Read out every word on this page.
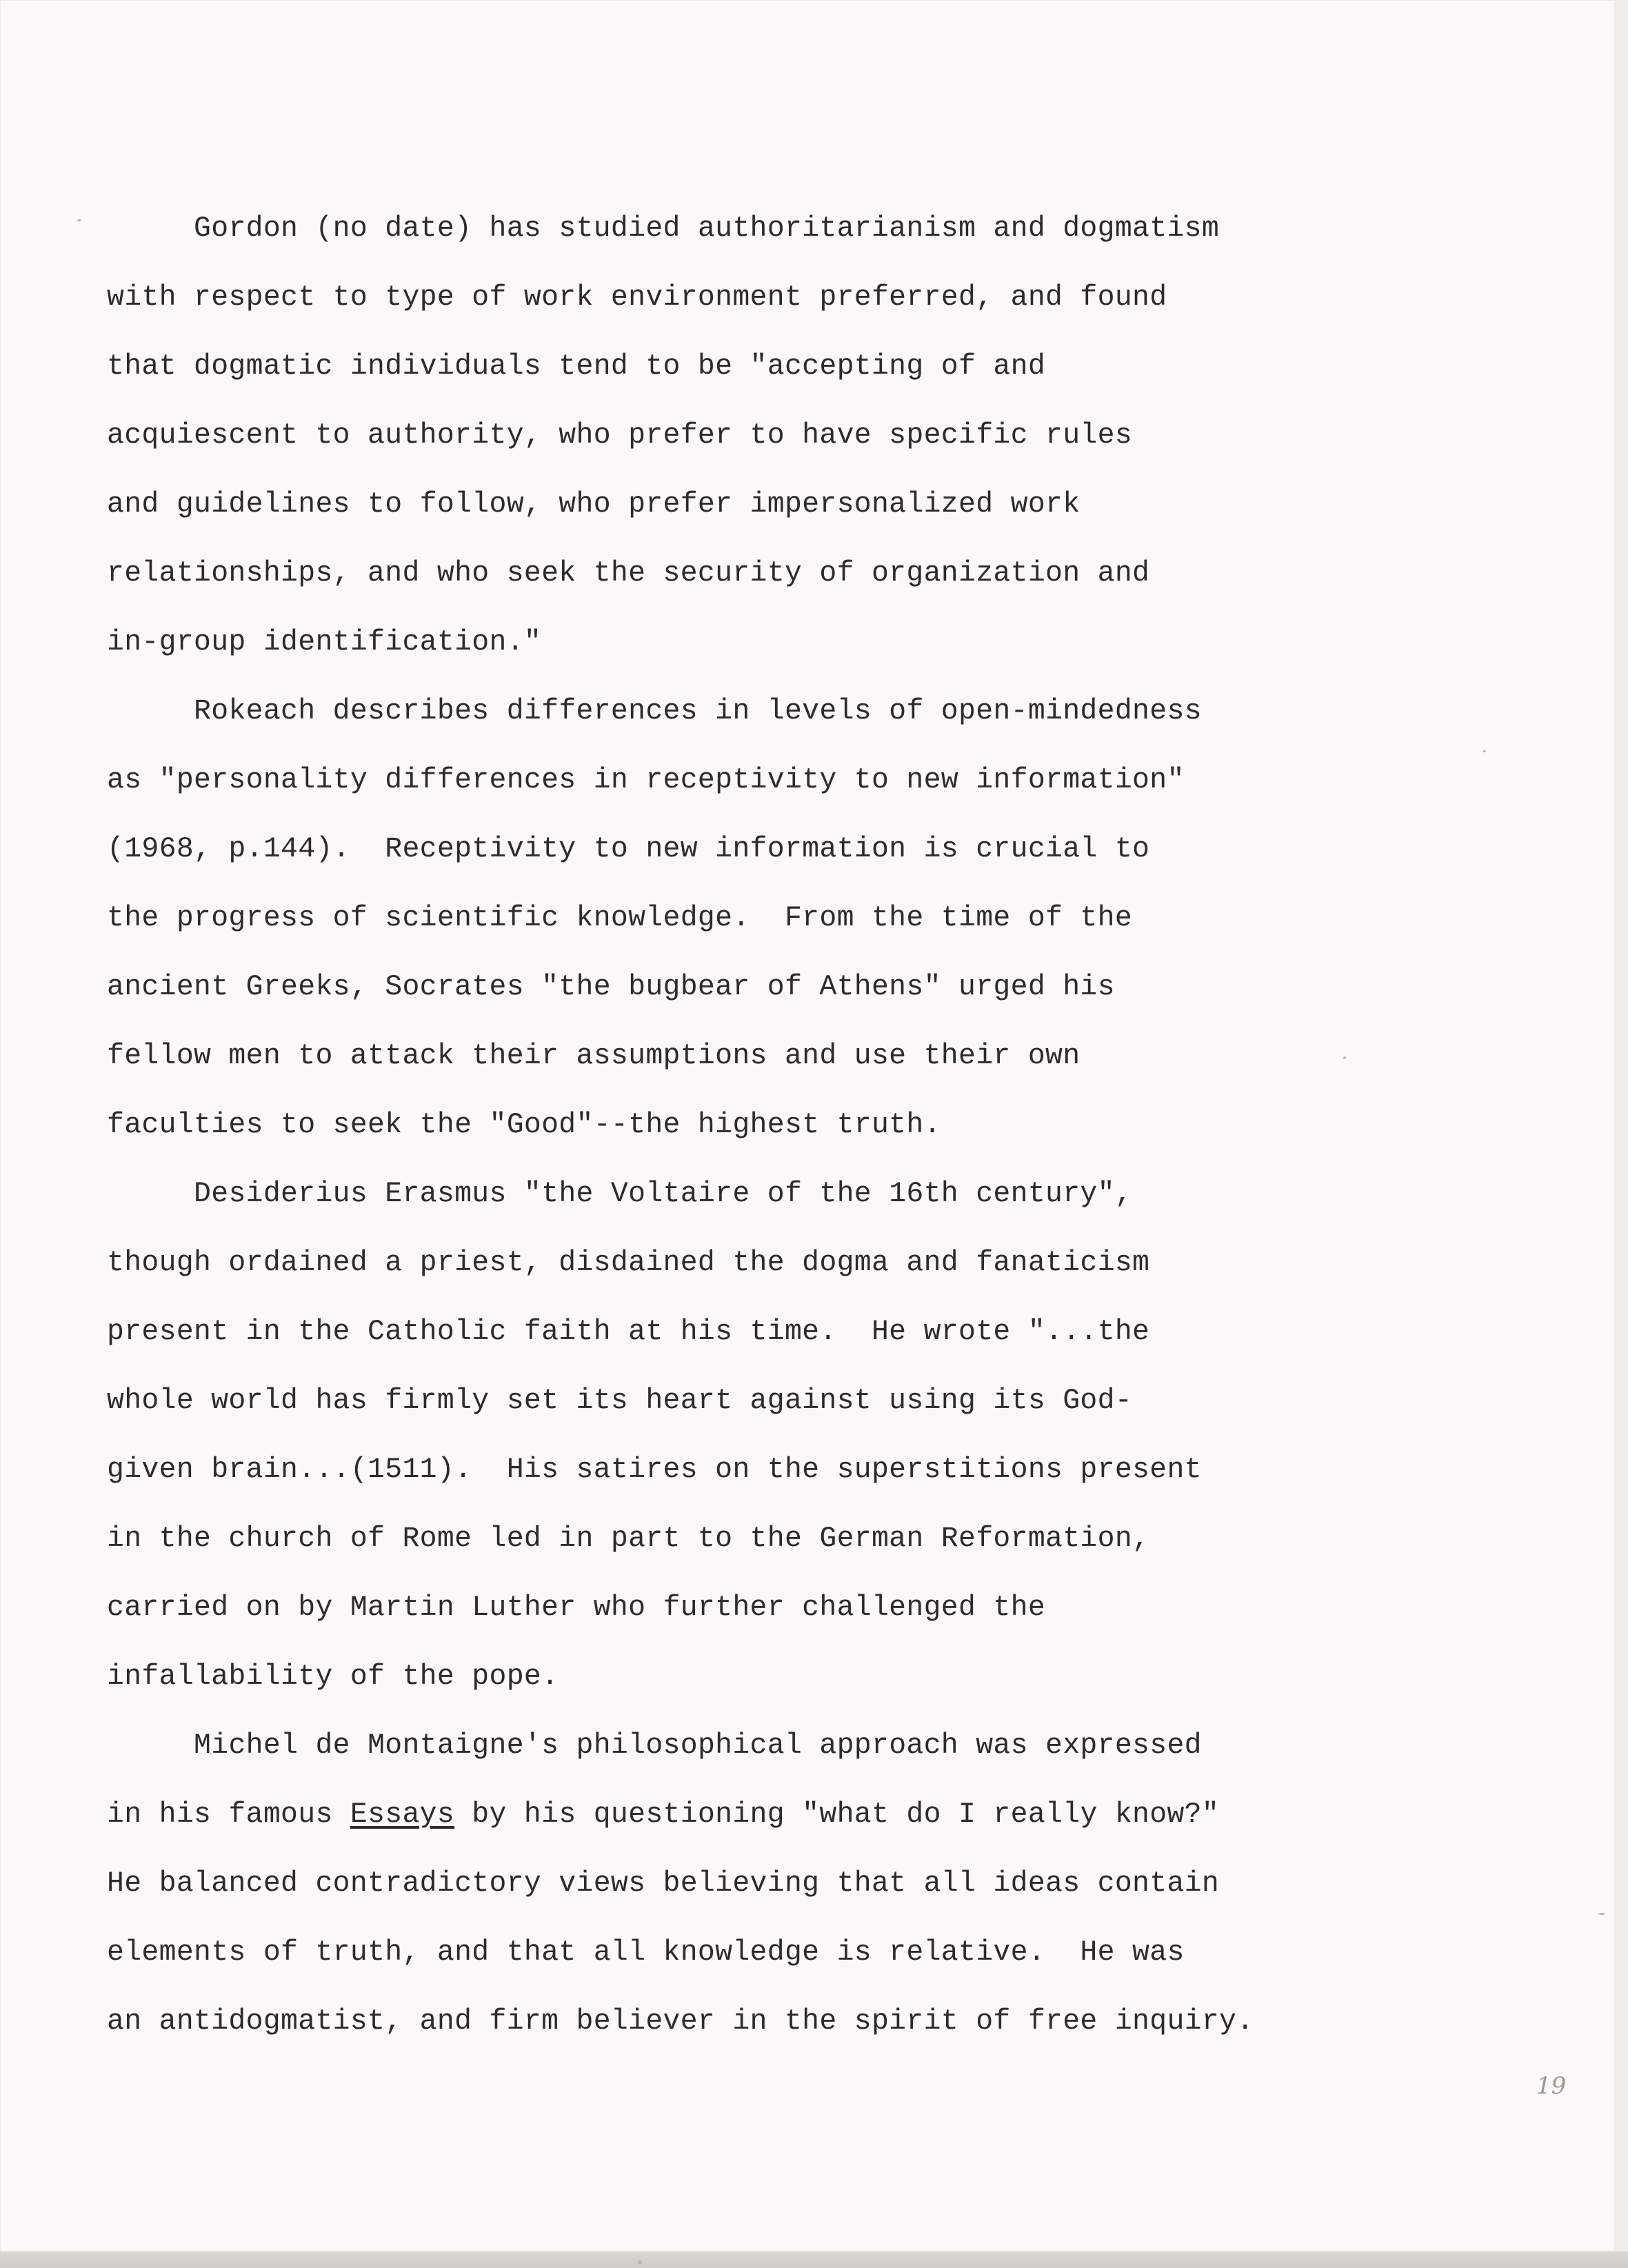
Gordon (no date) has studied authoritarianism and dogmatism

with respect to type of work environment preferred, and found

that dogmatic individuals tend to be "accepting of and

acquiescent to authority, who prefer to have specific rules

and guidelines to follow, who prefer impersonalized work

relationships, and who seek the security of organization and

in-group identification."

Rokeach describes differences in levels of open-mindedness

as "personality differences in receptivity to new information"

(1968, p.144).  Receptivity to new information is crucial to

the progress of scientific knowledge.  From the time of the

ancient Greeks, Socrates "the bugbear of Athens" urged his

fellow men to attack their assumptions and use their own

faculties to seek the "Good"--the highest truth.

Desiderius Erasmus "the Voltaire of the 16th century",

though ordained a priest, disdained the dogma and fanaticism

present in the Catholic faith at his time.  He wrote "...the

whole world has firmly set its heart against using its God-

given brain...(1511).  His satires on the superstitions present

in the church of Rome led in part to the German Reformation,

carried on by Martin Luther who further challenged the

infallability of the pope.

Michel de Montaigne's philosophical approach was expressed

in his famous Essays by his questioning "what do I really know?"

He balanced contradictory views believing that all ideas contain

elements of truth, and that all knowledge is relative.  He was

an antidogmatist, and firm believer in the spirit of free inquiry.

19
